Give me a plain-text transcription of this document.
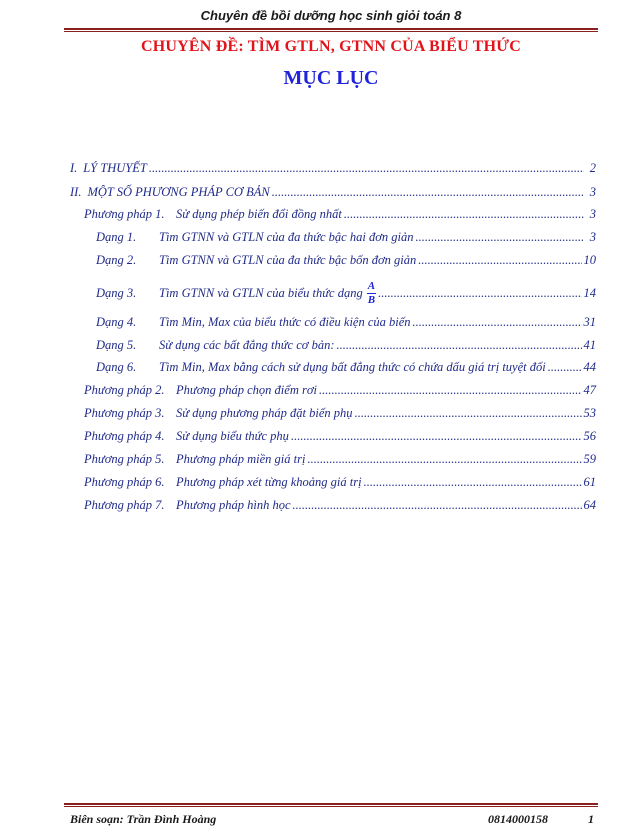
Chuyên đề bồi dưỡng học sinh giỏi toán 8
CHUYÊN ĐỀ: TÌM GTLN, GTNN CỦA BIỂU THỨC
MỤC LỤC
I. LÝ THUYẾT .....	2
II. MỘT SỐ PHƯƠNG PHÁP CƠ BẢN .....	3
Phương pháp 1. Sử dụng phép biến đổi đồng nhất .....	3
Dạng 1.	Tìm GTNN và GTLN của đa thức bậc hai đơn giản .....	3
Dạng 2.	Tìm GTNN và GTLN của đa thức bậc bốn đơn giản .....	10
Dạng 3.	Tìm GTNN và GTLN của biểu thức dạng $\frac{A}{B}$ .....	14
Dạng 4.	Tìm Min, Max của biểu thức có điều kiện của biến .....	31
Dạng 5.	Sử dụng các bất đẳng thức cơ bản: .....	41
Dạng 6.	Tìm Min, Max bằng cách sử dụng bất đẳng thức có chứa dấu giá trị tuyệt đối .....	44
Phương pháp 2. Phương pháp chọn điểm rơi .....	47
Phương pháp 3. Sử dụng phương pháp đặt biến phụ .....	53
Phương pháp 4. Sử dụng biểu thức phụ .....	56
Phương pháp 5. Phương pháp miền giá trị .....	59
Phương pháp 6. Phương pháp xét từng khoảng giá trị .....	61
Phương pháp 7. Phương pháp hình học .....	64
Biên soạn: Trần Đình Hoàng	0814000158	1
